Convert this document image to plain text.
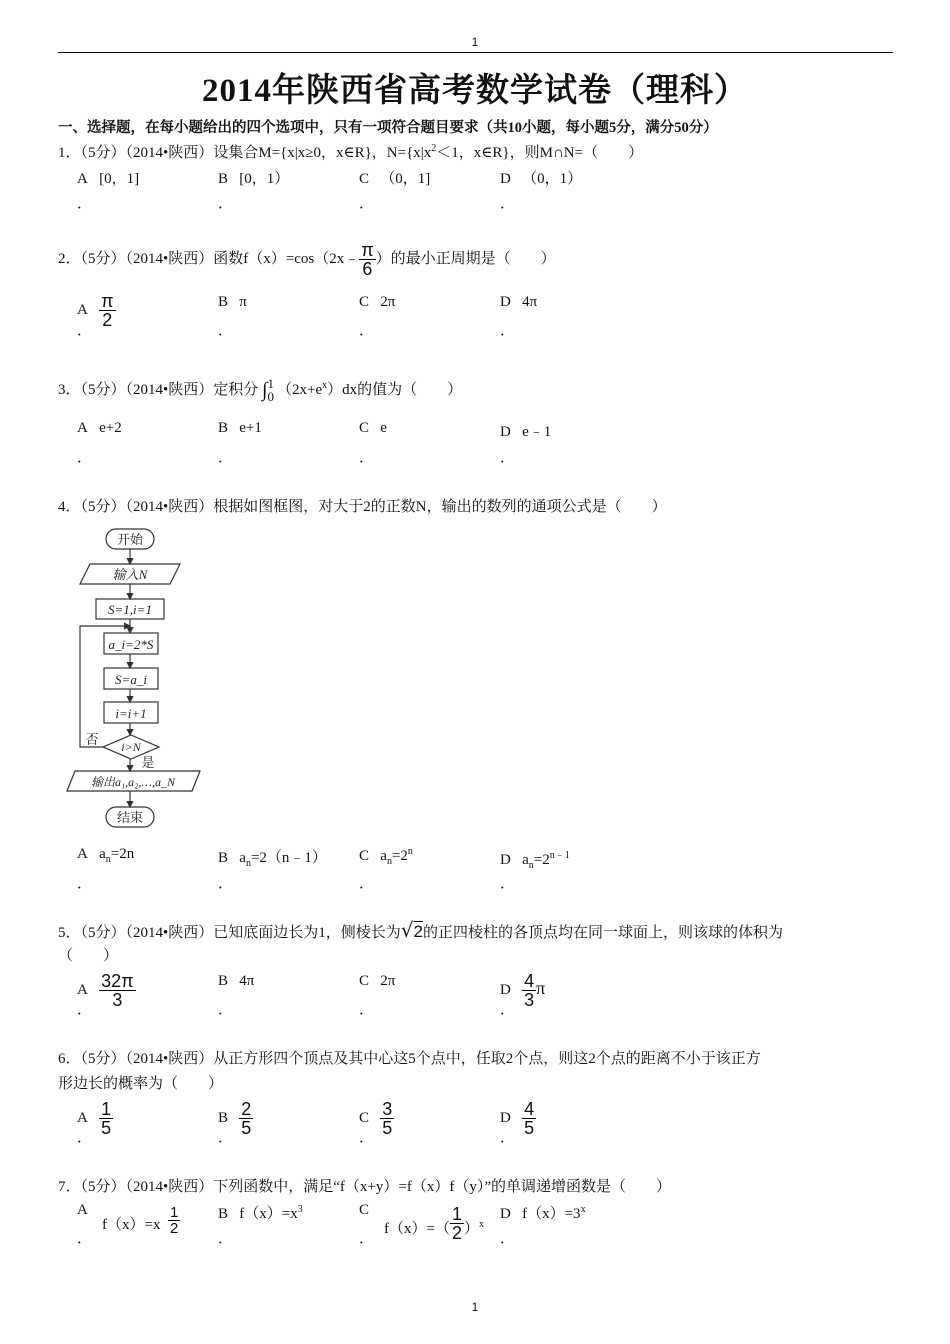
1
2014年陕西省高考数学试卷（理科）
一、选择题，在每小题给出的四个选项中，只有一项符合题目要求（共10小题，每小题5分，满分50分）
1．（5分）（2014•陕西）设集合M={x|x≥0，x∈R}，$N=\{x|x^2<1$，x∈R}，则M∩N=（　　）
A [0，1]	B [0，1）	C （0，1]	D （0，1）
．	．	．	．
2．（5分）（2014•陕西）函数f（x）=cos（2x﹣ $\frac{\pi}{6}$ ）的最小正周期是（　　）
A $\frac{\pi}{2}$	B π	C 2π	D 4π
．	．	．	．
3．（5分）（2014•陕西）定积分 ∫ 1
0 $(2x+e^x)dx$的值为（　　）
A e+2	B e+1	C e	D e﹣1
．	．	．	．
4．（5分）（2014•陕西）根据如图框图，对大于2的正数N，输出的数列的通项公式是（　　）
开始
输入N
S=1,i=1
a_i=2*S
S=a_i
i=i+1
i>N
否
是
输出a₁,a₂,…,a_N
结束
A $a_n=2n$	B $a_n=2(n﹣1)$ C $a_n=2^n$
D $a_n=2^{n﹣1}$
．	．	．	．
5．（5分）（2014•陕西）已知底面边长为1，侧棱长为√2的正四棱柱的各顶点均在同一球面上，则该球的体积为
（　　）
A $\frac{32\pi}{3}$	B 4π	C 2π
D $\frac{4}{3}$ π
．	．	．	．
6．（5分）（2014•陕西）从正方形四个顶点及其中心这5个点中，任取2个点，则这2个点的距离不小于该正方
形边长的概率为（　　）
A $\frac{1}{5}$	B $\frac{2}{5}$	C $\frac{3}{5}$	D $\frac{4}{5}$
．	．	．	．
7．（5分）（2014•陕西）下列函数中，满足“f（x+y）=f（x）f（y）”的单调递增函数是（　　）
A
$f(x)=x \frac{1}{2}$	B $f(x)=x^3$	C
$f(x)=( \frac{1}{2} )^x$
D $f(x)=3^x$
．	．	．	．
1
